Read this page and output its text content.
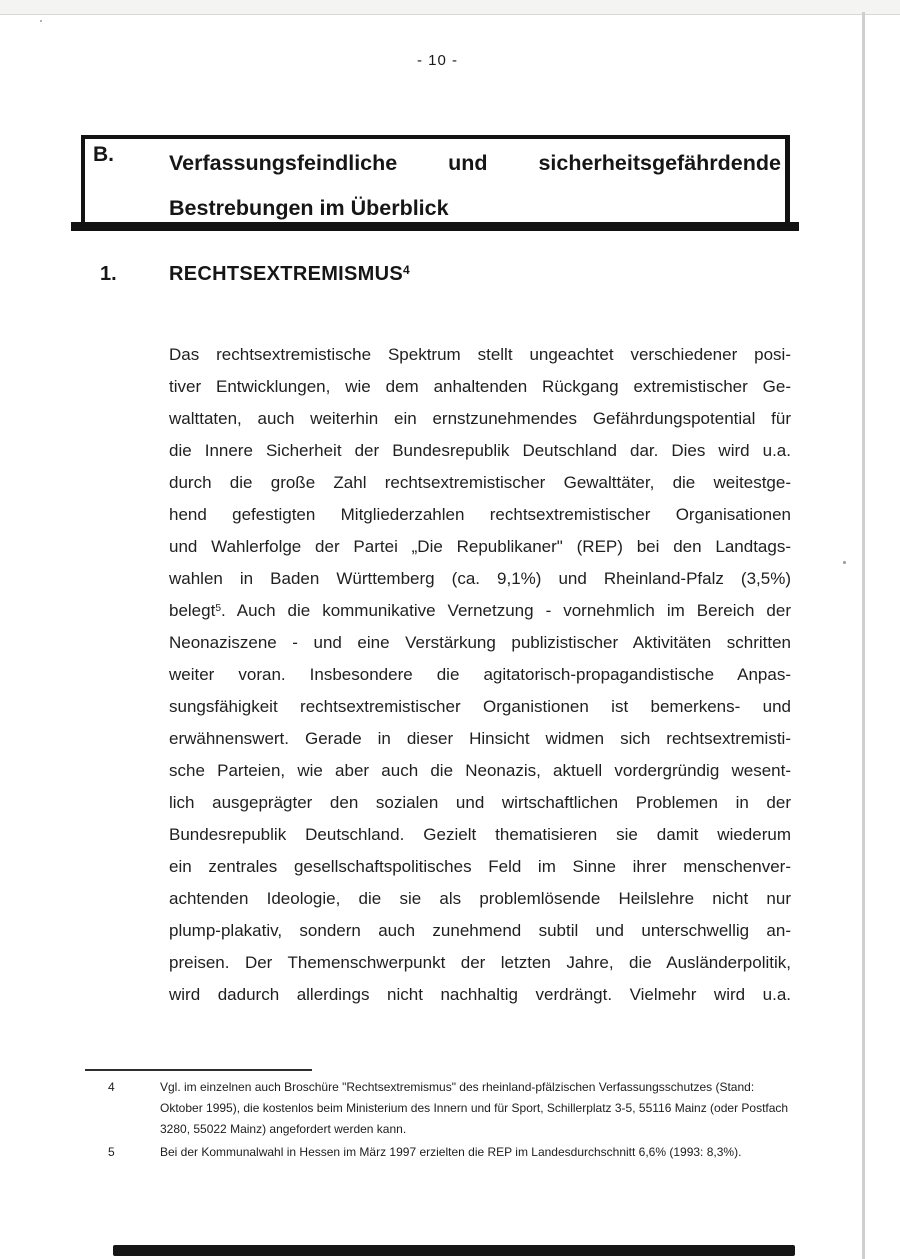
- 10 -
B.	Verfassungsfeindliche und sicherheitsgefährdende
Bestrebungen im Überblick
1.	RECHTSEXTREMISMUS$^4$
Das rechtsextremistische Spektrum stellt ungeachtet verschiedener posi-
tiver Entwicklungen, wie dem anhaltenden Rückgang extremistischer Ge-
walttaten, auch weiterhin ein ernstzunehmendes Gefährdungspotential für
die Innere Sicherheit der Bundesrepublik Deutschland dar. Dies wird u.a.
durch die große Zahl rechtsextremistischer Gewalttäter, die weitestge-
hend gefestigten Mitgliederzahlen rechtsextremistischer Organisationen
und Wahlerfolge der Partei „Die Republikaner" (REP) bei den Landtags-
wahlen in Baden Württemberg (ca. 9,1%) und Rheinland-Pfalz (3,5%)
belegt$^5$. Auch die kommunikative Vernetzung - vornehmlich im Bereich der
Neonaziszene - und eine Verstärkung publizistischer Aktivitäten schritten
weiter voran. Insbesondere die agitatorisch-propagandistische Anpas-
sungsfähigkeit rechtsextremistischer Organistionen ist bemerkens- und
erwähnenswert. Gerade in dieser Hinsicht widmen sich rechtsextremisti-
sche Parteien, wie aber auch die Neonazis, aktuell vordergründig wesent-
lich ausgeprägter den sozialen und wirtschaftlichen Problemen in der
Bundesrepublik Deutschland. Gezielt thematisieren sie damit wiederum
ein zentrales gesellschaftspolitisches Feld im Sinne ihrer menschenver-
achtenden Ideologie, die sie als problemlösende Heilslehre nicht nur
plump-plakativ, sondern auch zunehmend subtil und unterschwellig an-
preisen. Der Themenschwerpunkt der letzten Jahre, die Ausländerpolitik,
wird dadurch allerdings nicht nachhaltig verdrängt. Vielmehr wird u.a.
4	Vgl. im einzelnen auch Broschüre "Rechtsextremismus" des rheinland-pfälzischen Verfassungsschutzes (Stand:
Oktober 1995), die kostenlos beim Ministerium des Innern und für Sport, Schillerplatz 3-5, 55116 Mainz (oder Postfach
3280, 55022 Mainz) angefordert werden kann.
5	Bei der Kommunalwahl in Hessen im März 1997 erzielten die REP im Landesdurchschnitt 6,6% (1993: 8,3%).
